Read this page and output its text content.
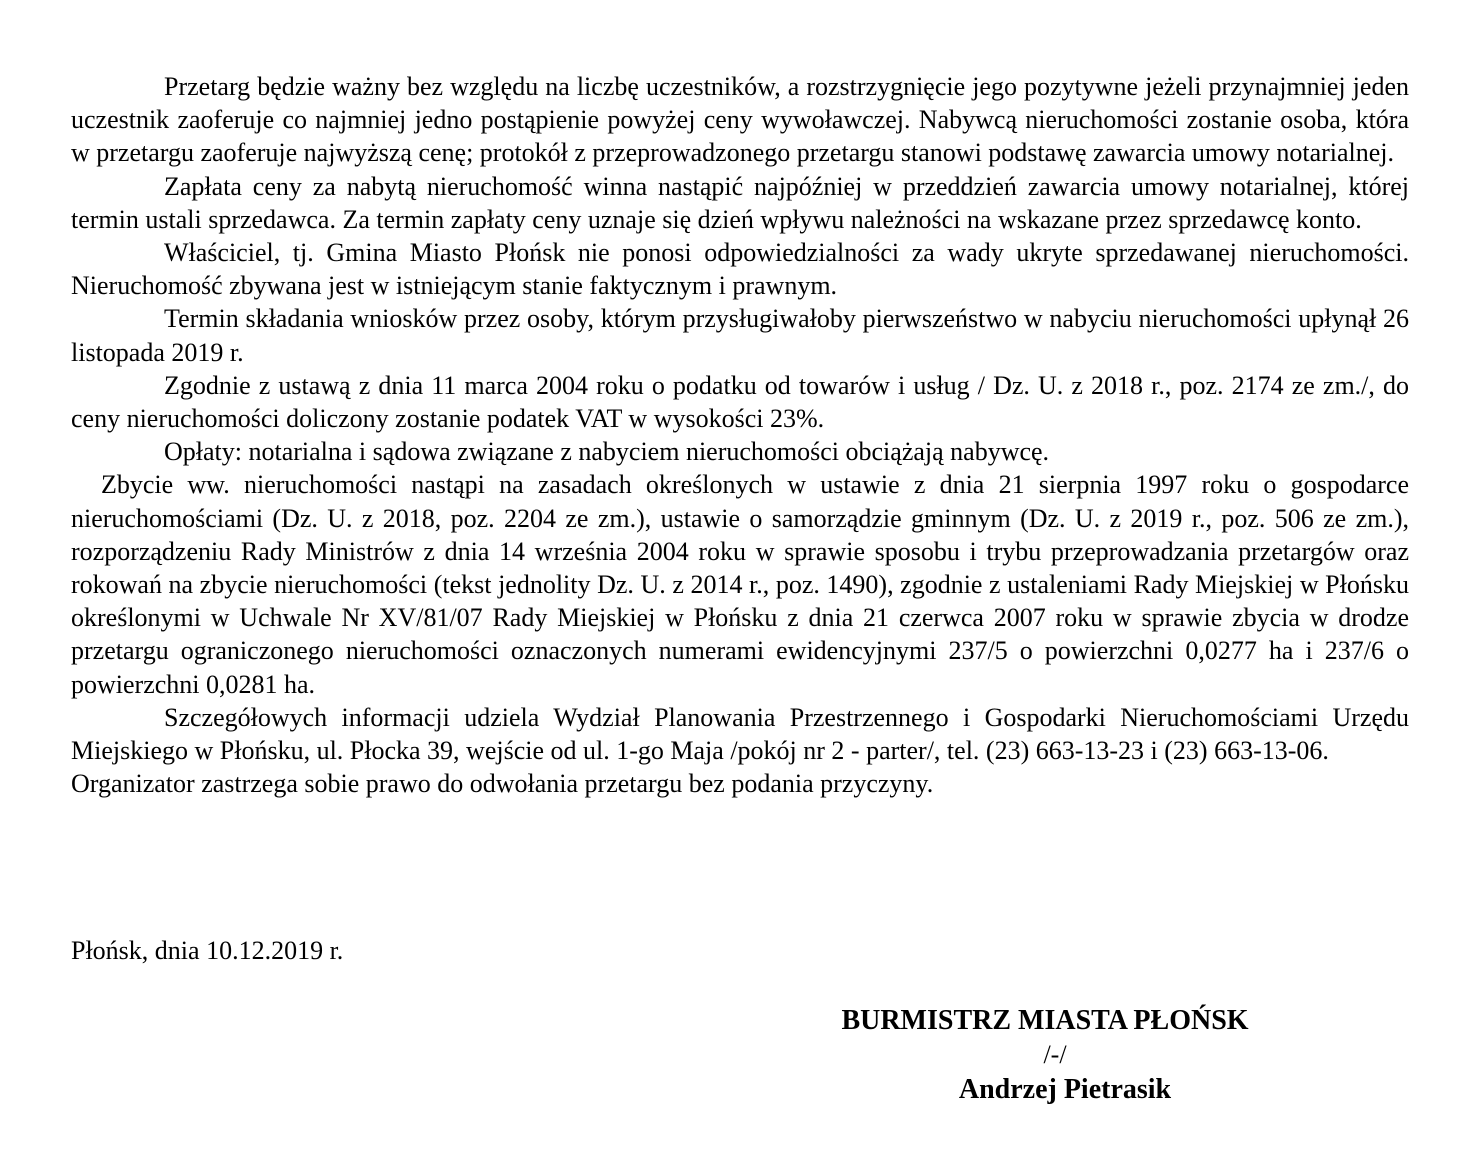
Przetarg będzie ważny bez względu na liczbę uczestników, a rozstrzygnięcie jego pozytywne jeżeli przynajmniej jeden uczestnik zaoferuje co najmniej jedno postąpienie powyżej ceny wywoławczej. Nabywcą nieruchomości zostanie osoba, która w przetargu zaoferuje najwyższą cenę; protokół z przeprowadzonego przetargu stanowi podstawę zawarcia umowy notarialnej.

Zapłata ceny za nabytą nieruchomość winna nastąpić najpóźniej w przeddzień zawarcia umowy notarialnej, której termin ustali sprzedawca. Za termin zapłaty ceny uznaje się dzień wpływu należności na wskazane przez sprzedawcę konto.

Właściciel, tj. Gmina Miasto Płońsk nie ponosi odpowiedzialności za wady ukryte sprzedawanej nieruchomości. Nieruchomość zbywana jest w istniejącym stanie faktycznym i prawnym.

Termin składania wniosków przez osoby, którym przysługiwałoby pierwszeństwo w nabyciu nieruchomości upłynął 26 listopada 2019 r.

Zgodnie z ustawą z dnia 11 marca 2004 roku o podatku od towarów i usług / Dz. U. z 2018 r., poz. 2174 ze zm./, do ceny nieruchomości doliczony zostanie podatek VAT w wysokości 23%.

Opłaty: notarialna i sądowa związane z nabyciem nieruchomości obciążają nabywcę.

Zbycie ww. nieruchomości nastąpi na zasadach określonych w ustawie z dnia 21 sierpnia 1997 roku o gospodarce nieruchomościami (Dz. U. z 2018, poz. 2204 ze zm.), ustawie o samorządzie gminnym (Dz. U. z 2019 r., poz. 506 ze zm.), rozporządzeniu Rady Ministrów z dnia 14 września 2004 roku w sprawie sposobu i trybu przeprowadzania przetargów oraz rokowań na zbycie nieruchomości (tekst jednolity Dz. U. z 2014 r., poz. 1490), zgodnie z ustaleniami Rady Miejskiej w Płońsku określonymi w Uchwale Nr XV/81/07 Rady Miejskiej w Płońsku z dnia 21 czerwca 2007 roku w sprawie zbycia w drodze przetargu ograniczonego nieruchomości oznaczonych numerami ewidencyjnymi 237/5 o powierzchni 0,0277 ha i 237/6 o powierzchni 0,0281 ha.

Szczegółowych informacji udziela Wydział Planowania Przestrzennego i Gospodarki Nieruchomościami Urzędu Miejskiego w Płońsku, ul. Płocka 39, wejście od ul. 1-go Maja /pokój nr 2 - parter/, tel. (23) 663-13-23 i (23) 663-13-06.

Organizator zastrzega sobie prawo do odwołania przetargu bez podania przyczyny.

Płońsk, dnia 10.12.2019 r.

BURMISTRZ MIASTA PŁOŃSK

/-/

Andrzej Pietrasik
